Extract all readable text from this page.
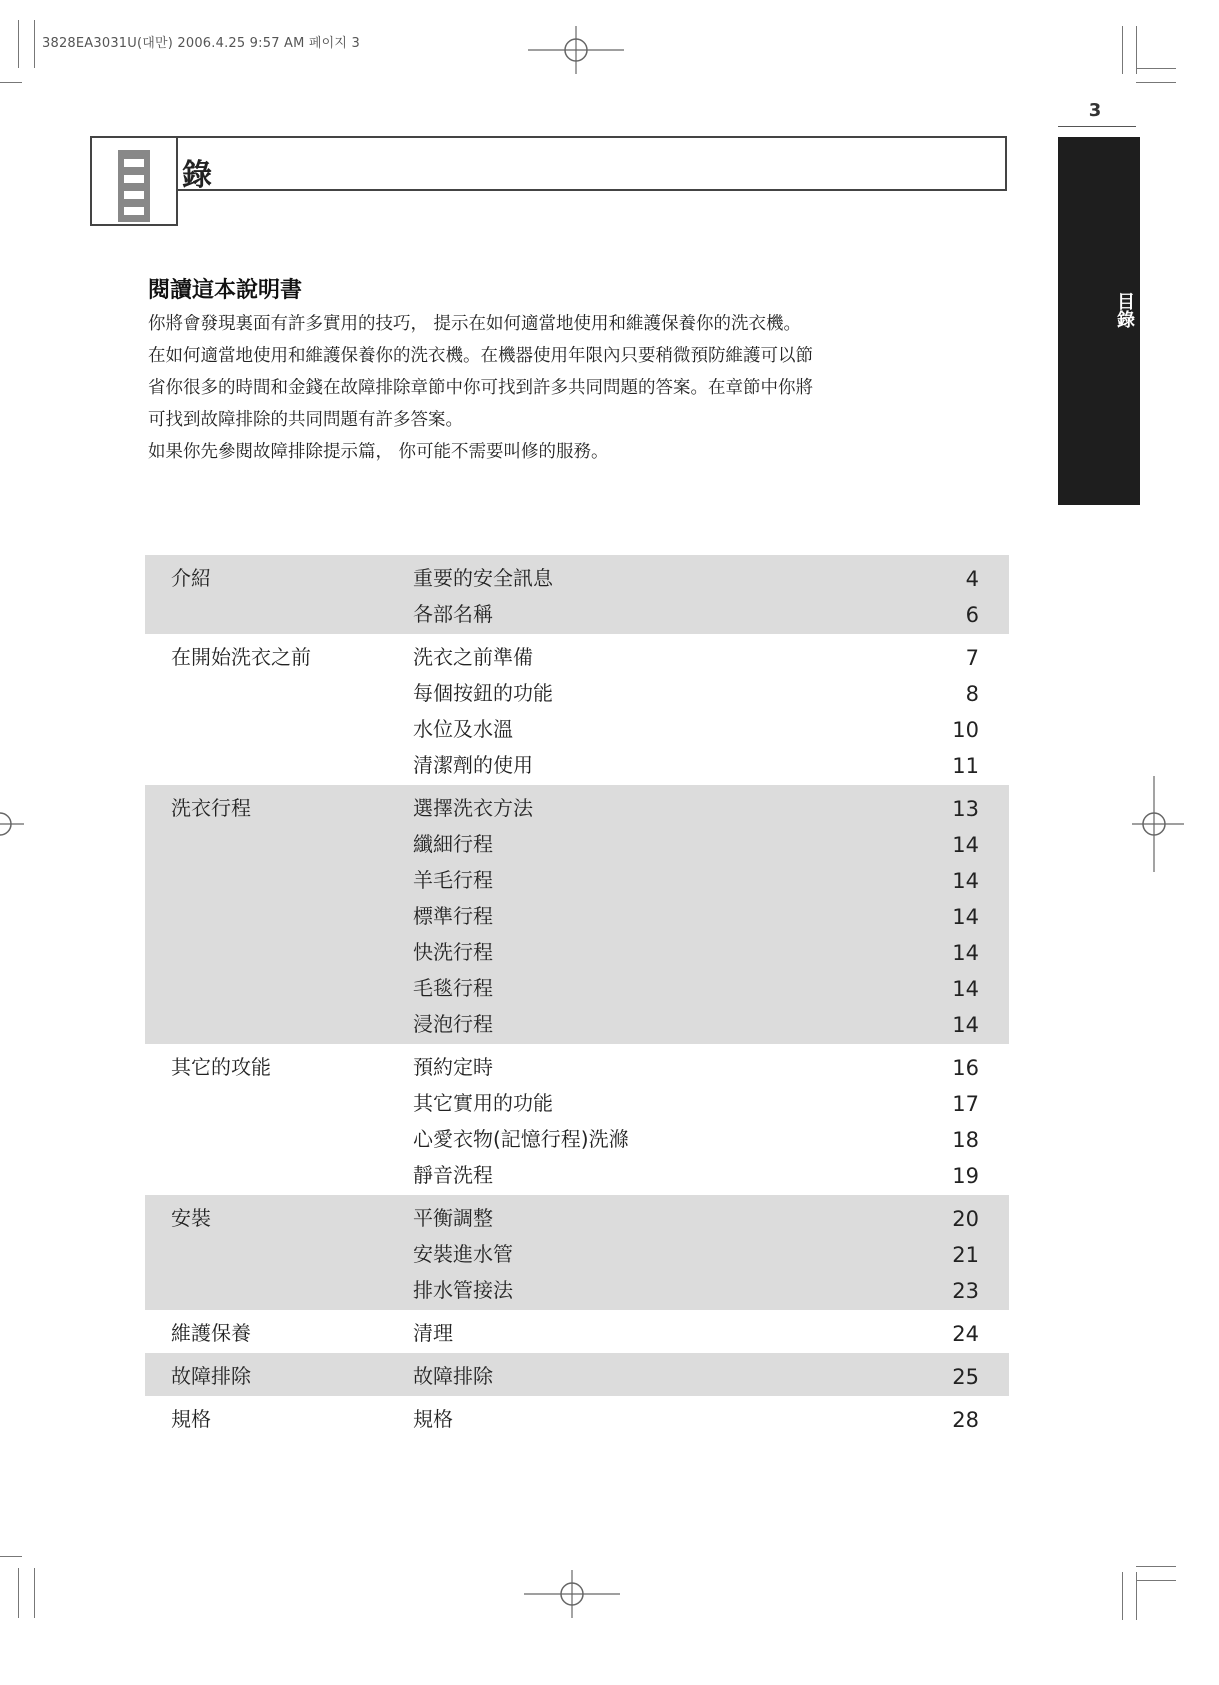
3828EA3031U(대만) 2006.4.25 9:57 AM 페이지 3
3
目錄
錄
閱讀這本說明書

你將會發現裏面有許多實用的技巧， 提示在如何適當地使用和維護保養你的洗衣機。

在如何適當地使用和維護保養你的洗衣機。在機器使用年限內只要稍微預防維護可以節

省你很多的時間和金錢在故障排除章節中你可找到許多共同問題的答案。在章節中你將

可找到故障排除的共同問題有許多答案。

如果你先參閱故障排除提示篇， 你可能不需要叫修的服務。

介紹	重要的安全訊息	4
各部名稱	6
在開始洗衣之前	洗衣之前準備	7
每個按鈕的功能	8
水位及水溫	10
清潔劑的使用	11
洗衣行程	選擇洗衣方法	13
纖細行程	14
羊毛行程	14
標準行程	14
快洗行程	14
毛毯行程	14
浸泡行程	14
其它的攻能	預約定時	16
其它實用的功能	17
心愛衣物(記憶行程)洗滌	18
靜音洗程	19
安裝	平衡調整	20
安裝進水管	21
排水管接法	23
維護保養	清理	24
故障排除	故障排除	25
規格	規格	28
